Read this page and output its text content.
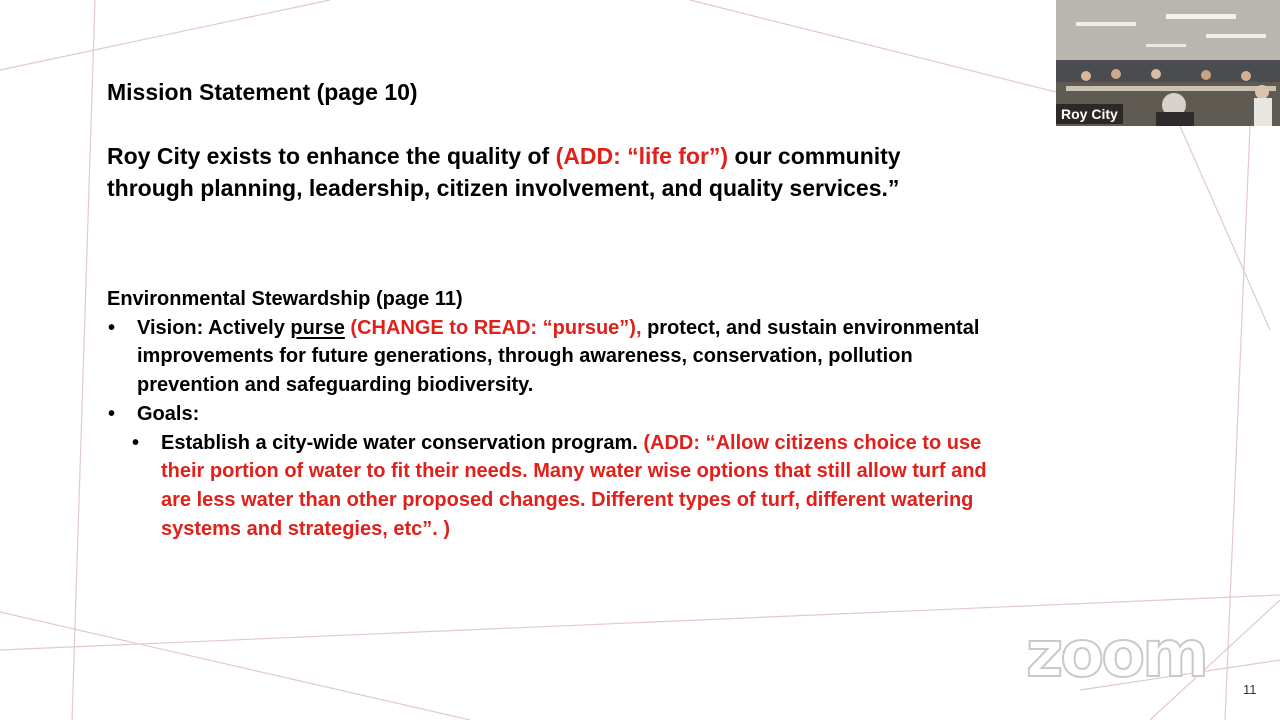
Mission Statement (page 10)
Roy City exists to enhance the quality of (ADD: “life for”) our community
through planning, leadership, citizen involvement, and quality services.”
Environmental Stewardship (page 11)
• Vision: Actively purse (CHANGE to READ: “pursue”), protect, and sustain environmental
improvements for future generations, through awareness, conservation, pollution
prevention and safeguarding biodiversity.
• Goals:
• Establish a city-wide water conservation program. (ADD: “Allow citizens choice to use
their portion of water to fit their needs. Many water wise options that still allow turf and
are less water than other proposed changes. Different types of turf, different watering
systems and strategies, etc”. )
zoom	11
Roy City
